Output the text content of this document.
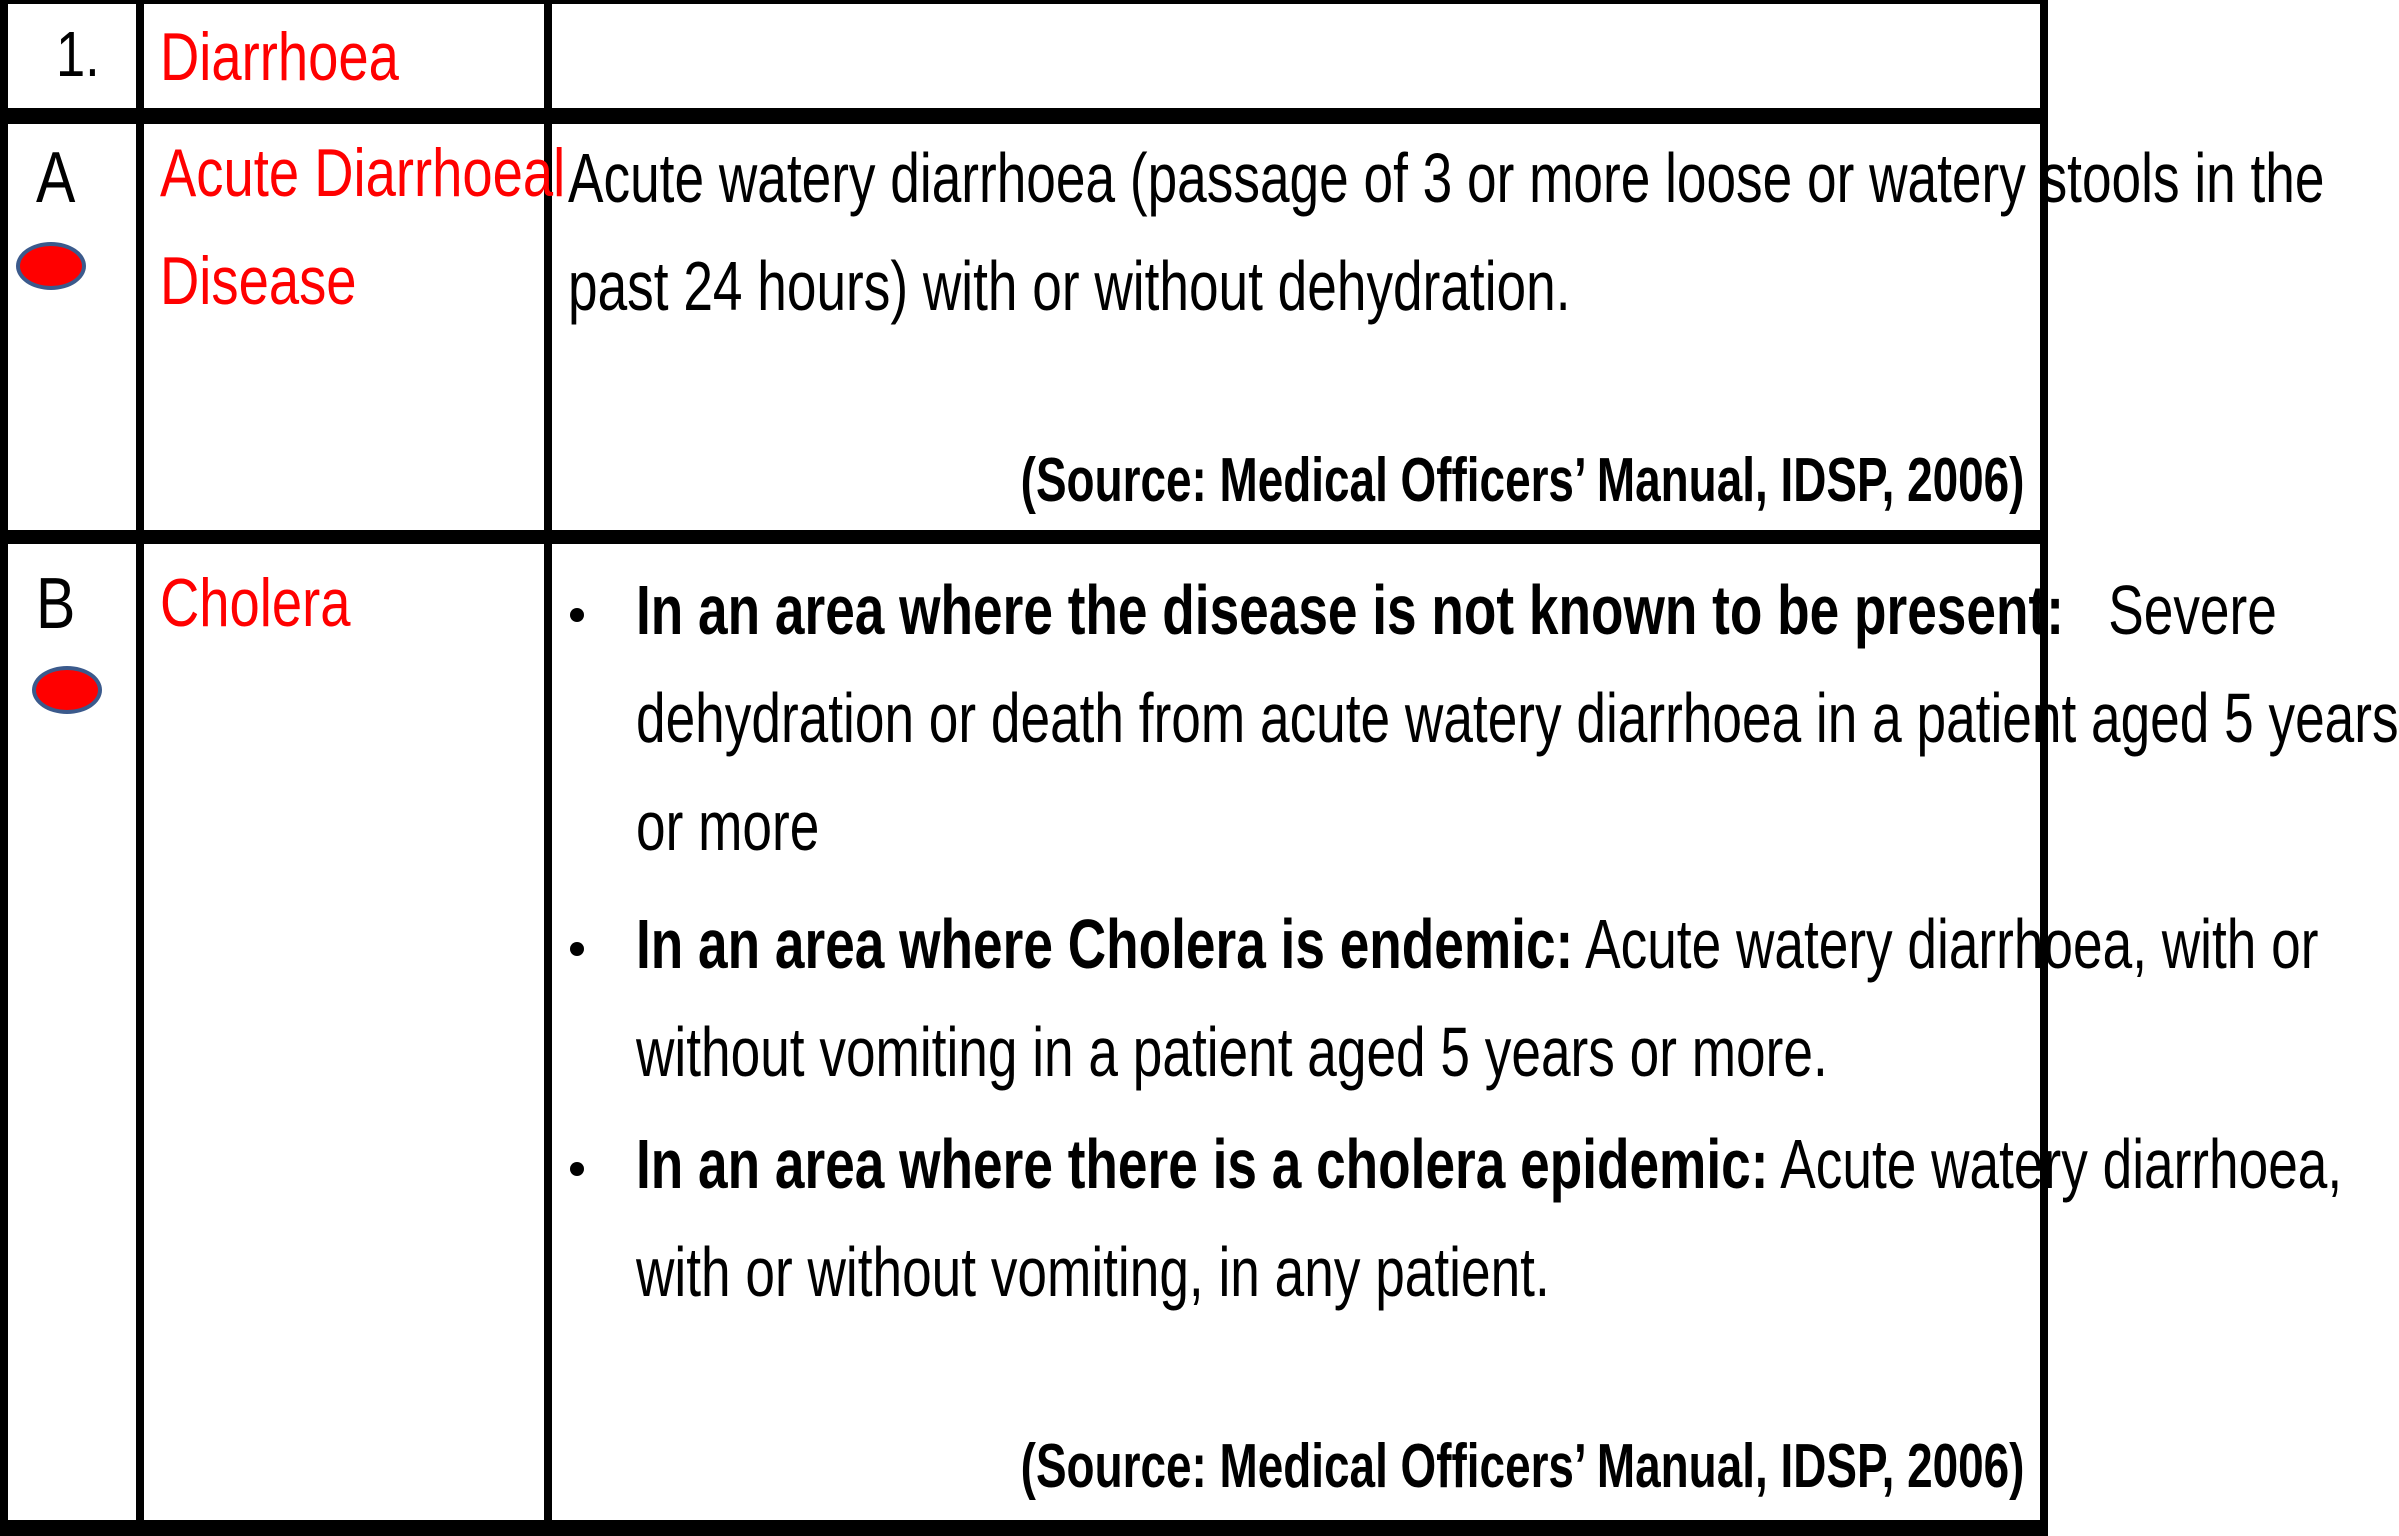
1. Diarrhoea
A Acute Diarrhoeal
Disease
Acute watery diarrhoea (passage of 3 or more loose or watery stools in the
past 24 hours) with or without dehydration.
(Source: Medical Officers’ Manual, IDSP, 2006)
B Cholera	In an area where the disease is not known to be present: Severe
dehydration or death from acute watery diarrhoea in a patient aged 5 years
or more
In an area where Cholera is endemic: Acute watery diarrhoea, with or
without vomiting in a patient aged 5 years or more.
In an area where there is a cholera epidemic: Acute watery diarrhoea,
with or without vomiting, in any patient.
(Source: Medical Officers’ Manual, IDSP, 2006)
